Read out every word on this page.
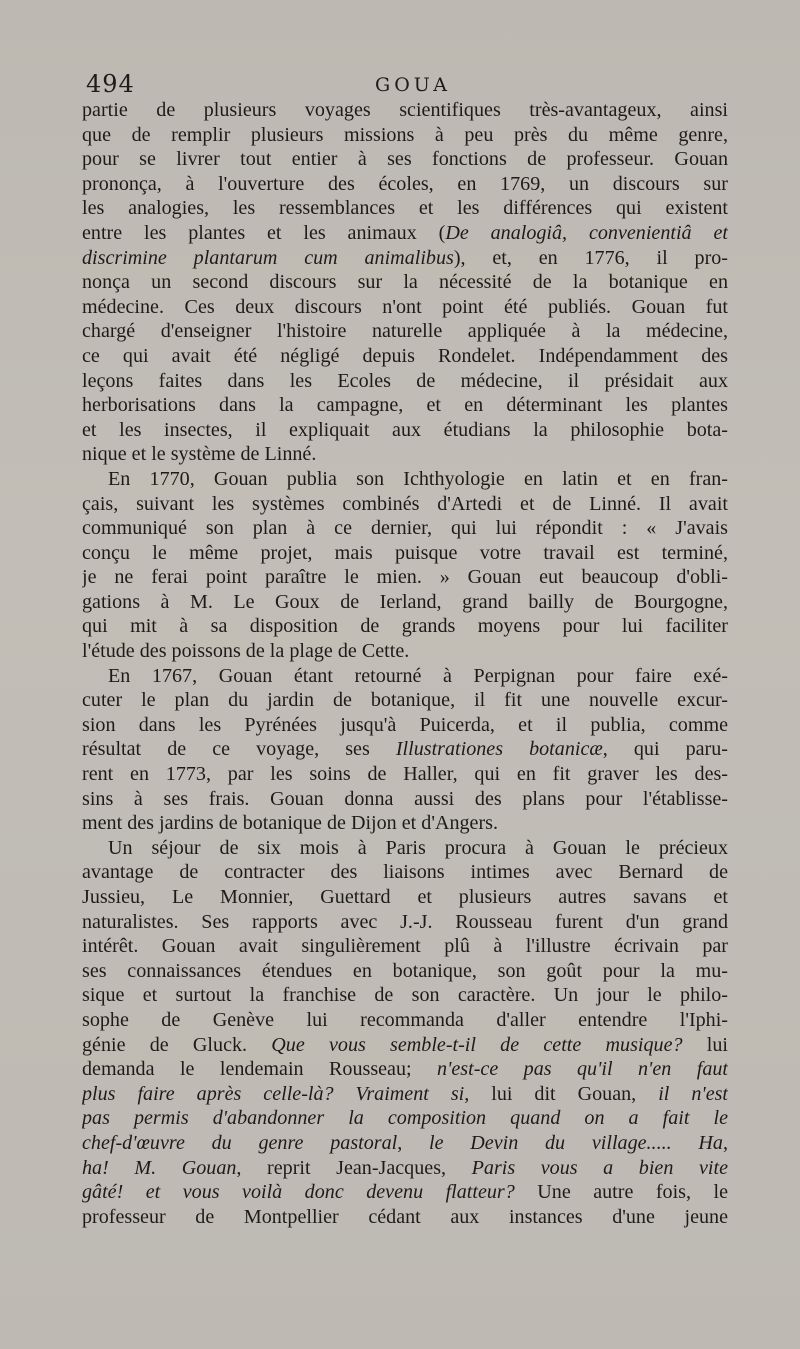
494	GOUA
partie de plusieurs voyages scientifiques très-avantageux, ainsi
que de remplir plusieurs missions à peu près du même genre,
pour se livrer tout entier à ses fonctions de professeur. Gouan
prononça, à l'ouverture des écoles, en 1769, un discours sur
les analogies, les ressemblances et les différences qui existent
entre les plantes et les animaux (De analogiâ, convenientiâ et
discrimine plantarum cum animalibus), et, en 1776, il pro-
nonça un second discours sur la nécessité de la botanique en
médecine. Ces deux discours n'ont point été publiés. Gouan fut
chargé d'enseigner l'histoire naturelle appliquée à la médecine,
ce qui avait été négligé depuis Rondelet. Indépendamment des
leçons faites dans les Ecoles de médecine, il présidait aux
herborisations dans la campagne, et en déterminant les plantes
et les insectes, il expliquait aux étudians la philosophie bota-
nique et le système de Linné.
En 1770, Gouan publia son Ichthyologie en latin et en fran-
çais, suivant les systèmes combinés d'Artedi et de Linné. Il avait
communiqué son plan à ce dernier, qui lui répondit : « J'avais
conçu le même projet, mais puisque votre travail est terminé,
je ne ferai point paraître le mien. » Gouan eut beaucoup d'obli-
gations à M. Le Goux de Ierland, grand bailly de Bourgogne,
qui mit à sa disposition de grands moyens pour lui faciliter
l'étude des poissons de la plage de Cette.
En 1767, Gouan étant retourné à Perpignan pour faire exé-
cuter le plan du jardin de botanique, il fit une nouvelle excur-
sion dans les Pyrénées jusqu'à Puicerda, et il publia, comme
résultat de ce voyage, ses Illustrationes botanicæ, qui paru-
rent en 1773, par les soins de Haller, qui en fit graver les des-
sins à ses frais. Gouan donna aussi des plans pour l'établisse-
ment des jardins de botanique de Dijon et d'Angers.
Un séjour de six mois à Paris procura à Gouan le précieux
avantage de contracter des liaisons intimes avec Bernard de
Jussieu, Le Monnier, Guettard et plusieurs autres savans et
naturalistes. Ses rapports avec J.-J. Rousseau furent d'un grand
intérêt. Gouan avait singulièrement plû à l'illustre écrivain par
ses connaissances étendues en botanique, son goût pour la mu-
sique et surtout la franchise de son caractère. Un jour le philo-
sophe de Genève lui recommanda d'aller entendre l'Iphi-
génie de Gluck. Que vous semble-t-il de cette musique? lui
demanda le lendemain Rousseau; n'est-ce pas qu'il n'en faut
plus faire après celle-là? Vraiment si, lui dit Gouan, il n'est
pas permis d'abandonner la composition quand on a fait le
chef-d'œuvre du genre pastoral, le Devin du village..... Ha,
ha! M. Gouan, reprit Jean-Jacques, Paris vous a bien vite
gâté! et vous voilà donc devenu flatteur? Une autre fois, le
professeur de Montpellier cédant aux instances d'une jeune
